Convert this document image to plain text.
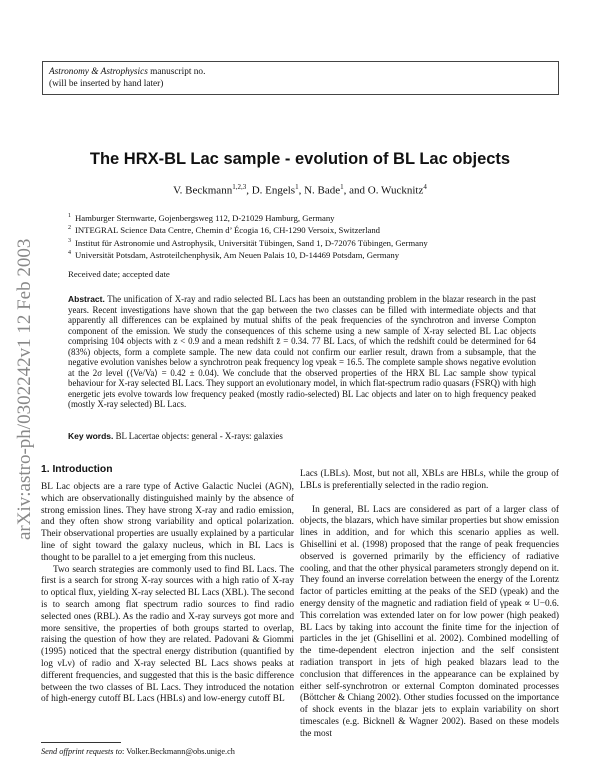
arXiv:astro-ph/0302242v1 12 Feb 2003
Astronomy & Astrophysics manuscript no.
(will be inserted by hand later)
The HRX-BL Lac sample - evolution of BL Lac objects
V. Beckmann$^{1,2,3}$, D. Engels$^1$, N. Bade$^1$, and O. Wucknitz$^4$
$^1$ Hamburger Sternwarte, Gojenbergsweg 112, D-21029 Hamburg, Germany
$^2$ INTEGRAL Science Data Centre, Chemin d’ Écogia 16, CH-1290 Versoix, Switzerland
$^3$ Institut für Astronomie und Astrophysik, Universität Tübingen, Sand 1, D-72076 Tübingen, Germany
$^4$ Universität Potsdam, Astroteilchenphysik, Am Neuen Palais 10, D-14469 Potsdam, Germany
Received date; accepted date
Abstract. The unification of X-ray and radio selected BL Lacs has been an outstanding problem in the blazar research in the past years. Recent investigations have shown that the gap between the two classes can be filled with intermediate objects and that apparently all differences can be explained by mutual shifts of the peak frequencies of the synchrotron and inverse Compton component of the emission. We study the consequences of this scheme using a new sample of X-ray selected BL Lac objects comprising 104 objects with z < 0.9 and a mean redshift z̄ = 0.34. 77 BL Lacs, of which the redshift could be determined for 64 (83%) objects, form a complete sample. The new data could not confirm our earlier result, drawn from a subsample, that the negative evolution vanishes below a synchrotron peak frequency log νpeak = 16.5. The complete sample shows negative evolution at the 2σ level (⟨Ve/Va⟩ = 0.42 ± 0.04). We conclude that the observed properties of the HRX BL Lac sample show typical behaviour for X-ray selected BL Lacs. They support an evolutionary model, in which flat-spectrum radio quasars (FSRQ) with high energetic jets evolve towards low frequency peaked (mostly radio-selected) BL Lac objects and later on to high frequency peaked (mostly X-ray selected) BL Lacs.
Key words. BL Lacertae objects: general - X-rays: galaxies
1. Introduction

BL Lac objects are a rare type of Active Galactic Nuclei (AGN), which are observationally distinguished mainly by the absence of strong emission lines. They have strong X-ray and radio emission, and they often show strong variability and optical polarization. Their observational properties are usually explained by a particular line of sight toward the galaxy nucleus, which in BL Lacs is thought to be parallel to a jet emerging from this nucleus.

Two search strategies are commonly used to find BL Lacs. The first is a search for strong X-ray sources with a high ratio of X-ray to optical flux, yielding X-ray selected BL Lacs (XBL). The second is to search among flat spectrum radio sources to find radio selected ones (RBL). As the radio and X-ray surveys got more and more sensitive, the properties of both groups started to overlap, raising the question of how they are related. Padovani & Giommi (1995) noticed that the spectral energy distribution (quantified by log νLν) of radio and X-ray selected BL Lacs shows peaks at different frequencies, and suggested that this is the basic difference between the two classes of BL Lacs. They introduced the notation of high-energy cutoff BL Lacs (HBLs) and low-energy cutoff BL

Lacs (LBLs). Most, but not all, XBLs are HBLs, while the group of LBLs is preferentially selected in the radio region.

In general, BL Lacs are considered as part of a larger class of objects, the blazars, which have similar properties but show emission lines in addition, and for which this scenario applies as well. Ghisellini et al. (1998) proposed that the range of peak frequencies observed is governed primarily by the efficiency of radiative cooling, and that the other physical parameters strongly depend on it. They found an inverse correlation between the energy of the Lorentz factor of particles emitting at the peaks of the SED (γpeak) and the energy density of the magnetic and radiation field of γpeak ∝ U−0.6. This correlation was extended later on for low power (high peaked) BL Lacs by taking into account the finite time for the injection of particles in the jet (Ghisellini et al. 2002). Combined modelling of the time-dependent electron injection and the self consistent radiation transport in jets of high peaked blazars lead to the conclusion that differences in the appearance can be explained by either self-synchrotron or external Compton dominated processes (Böttcher & Chiang 2002). Other studies focussed on the importance of shock events in the blazar jets to explain variability on short timescales (e.g. Bicknell & Wagner 2002). Based on these models the most

Send offprint requests to: Volker.Beckmann@obs.unige.ch
